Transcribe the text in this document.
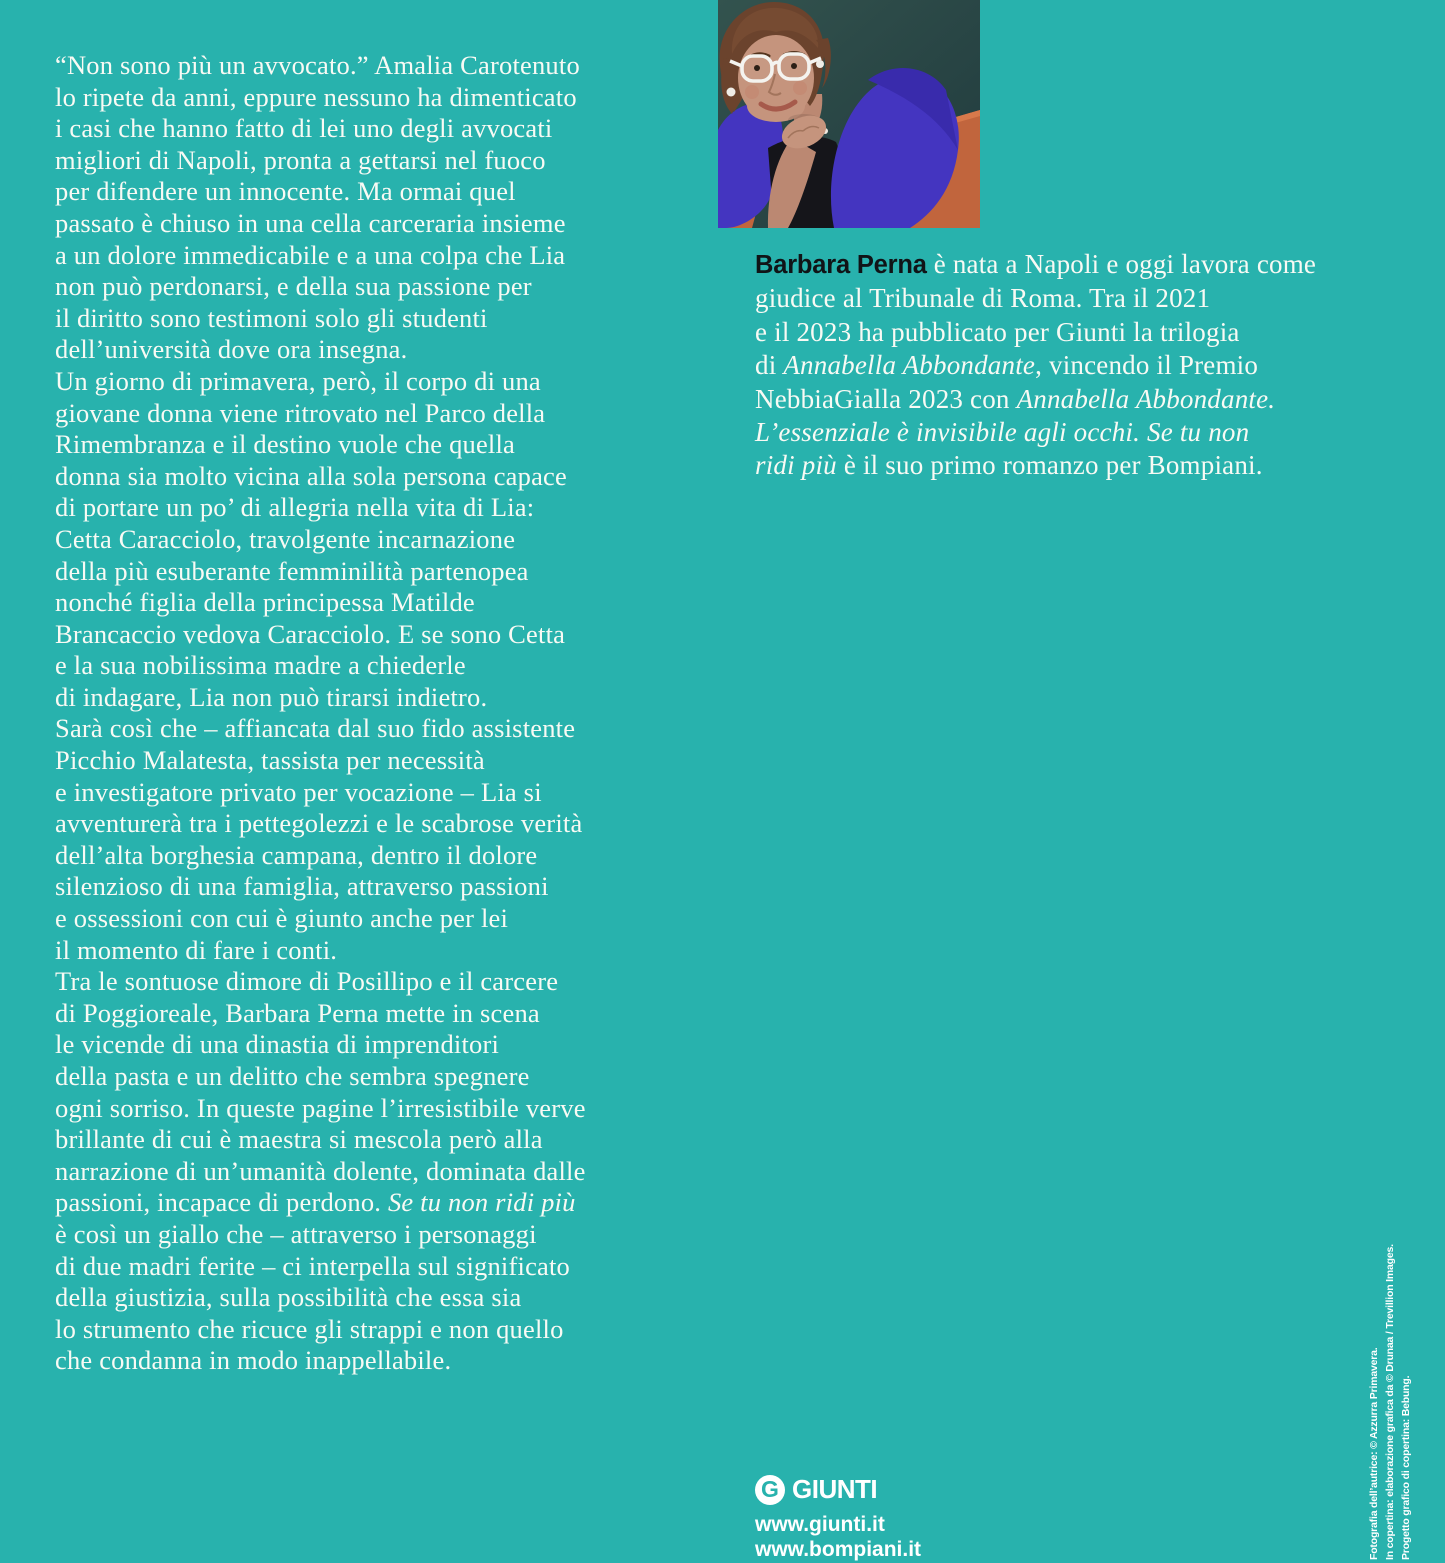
“Non sono più un avvocato.” Amalia Carotenuto
lo ripete da anni, eppure nessuno ha dimenticato
i casi che hanno fatto di lei uno degli avvocati
migliori di Napoli, pronta a gettarsi nel fuoco
per difendere un innocente. Ma ormai quel
passato è chiuso in una cella carceraria insieme
a un dolore immedicabile e a una colpa che Lia
non può perdonarsi, e della sua passione per
il diritto sono testimoni solo gli studenti
dell’università dove ora insegna.
Un giorno di primavera, però, il corpo di una
giovane donna viene ritrovato nel Parco della
Rimembranza e il destino vuole che quella
donna sia molto vicina alla sola persona capace
di portare un po’ di allegria nella vita di Lia:
Cetta Caracciolo, travolgente incarnazione
della più esuberante femminilità partenopea
nonché figlia della principessa Matilde
Brancaccio vedova Caracciolo. E se sono Cetta
e la sua nobilissima madre a chiederle
di indagare, Lia non può tirarsi indietro.
Sarà così che – affiancata dal suo fido assistente
Picchio Malatesta, tassista per necessità
e investigatore privato per vocazione – Lia si
avventurerà tra i pettegolezzi e le scabrose verità
dell’alta borghesia campana, dentro il dolore
silenzioso di una famiglia, attraverso passioni
e ossessioni con cui è giunto anche per lei
il momento di fare i conti.
Tra le sontuose dimore di Posillipo e il carcere
di Poggioreale, Barbara Perna mette in scena
le vicende di una dinastia di imprenditori
della pasta e un delitto che sembra spegnere
ogni sorriso. In queste pagine l’irresistibile verve
brillante di cui è maestra si mescola però alla
narrazione di un’umanità dolente, dominata dalle
passioni, incapace di perdono. Se tu non ridi più
è così un giallo che – attraverso i personaggi
di due madri ferite – ci interpella sul significato
della giustizia, sulla possibilità che essa sia
lo strumento che ricuce gli strappi e non quello
che condanna in modo inappellabile.
Barbara Perna è nata a Napoli e oggi lavora come
giudice al Tribunale di Roma. Tra il 2021
e il 2023 ha pubblicato per Giunti la trilogia
di Annabella Abbondante, vincendo il Premio
NebbiaGialla 2023 con Annabella Abbondante.
L’essenziale è invisibile agli occhi. Se tu non
ridi più è il suo primo romanzo per Bompiani.
G GIUNTI
www.giunti.it
www.bompiani.it	Fotografia dell’autrice: © Azzurra Primavera. In copertina: elaborazione grafica da © Drunaa / Trevillion Images. Progetto grafico di copertina: Bebung.
